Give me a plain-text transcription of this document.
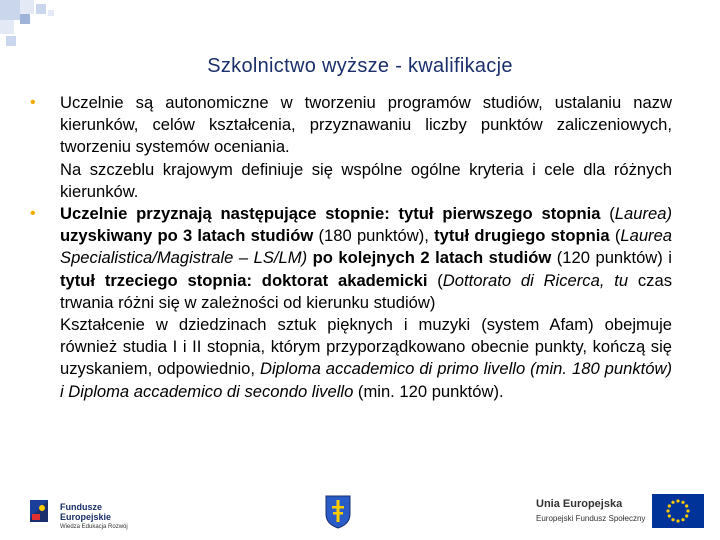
Szkolnictwo wyższe - kwalifikacje
• Uczelnie są autonomiczne w tworzeniu programów studiów, ustalaniu nazw kierunków, celów kształcenia, przyznawaniu liczby punktów zaliczeniowych, tworzeniu systemów oceniania.

Na szczeblu krajowym definiuje się wspólne ogólne kryteria i cele dla różnych kierunków.

• Uczelnie przyznają następujące stopnie: tytuł pierwszego stopnia (Laurea) uzyskiwany po 3 latach studiów (180 punktów), tytuł drugiego stopnia (Laurea Specialistica/Magistrale – LS/LM) po kolejnych 2 latach studiów (120 punktów) i tytuł trzeciego stopnia: doktorat akademicki (Dottorato di Ricerca, tu czas trwania różni się w zależności od kierunku studiów)

Kształcenie w dziedzinach sztuk pięknych i muzyki (system Afam) obejmuje również studia I i II stopnia, którym przyporządkowano obecnie punkty, kończą się uzyskaniem, odpowiednio, Diploma accademico di primo livello (min. 180 punktów) i Diploma accademico di secondo livello (min. 120 punktów).

Fundusze
Europejskie
Wiedza Edukacja Rozwój
Unia Europejska
Europejski Fundusz Społeczny
